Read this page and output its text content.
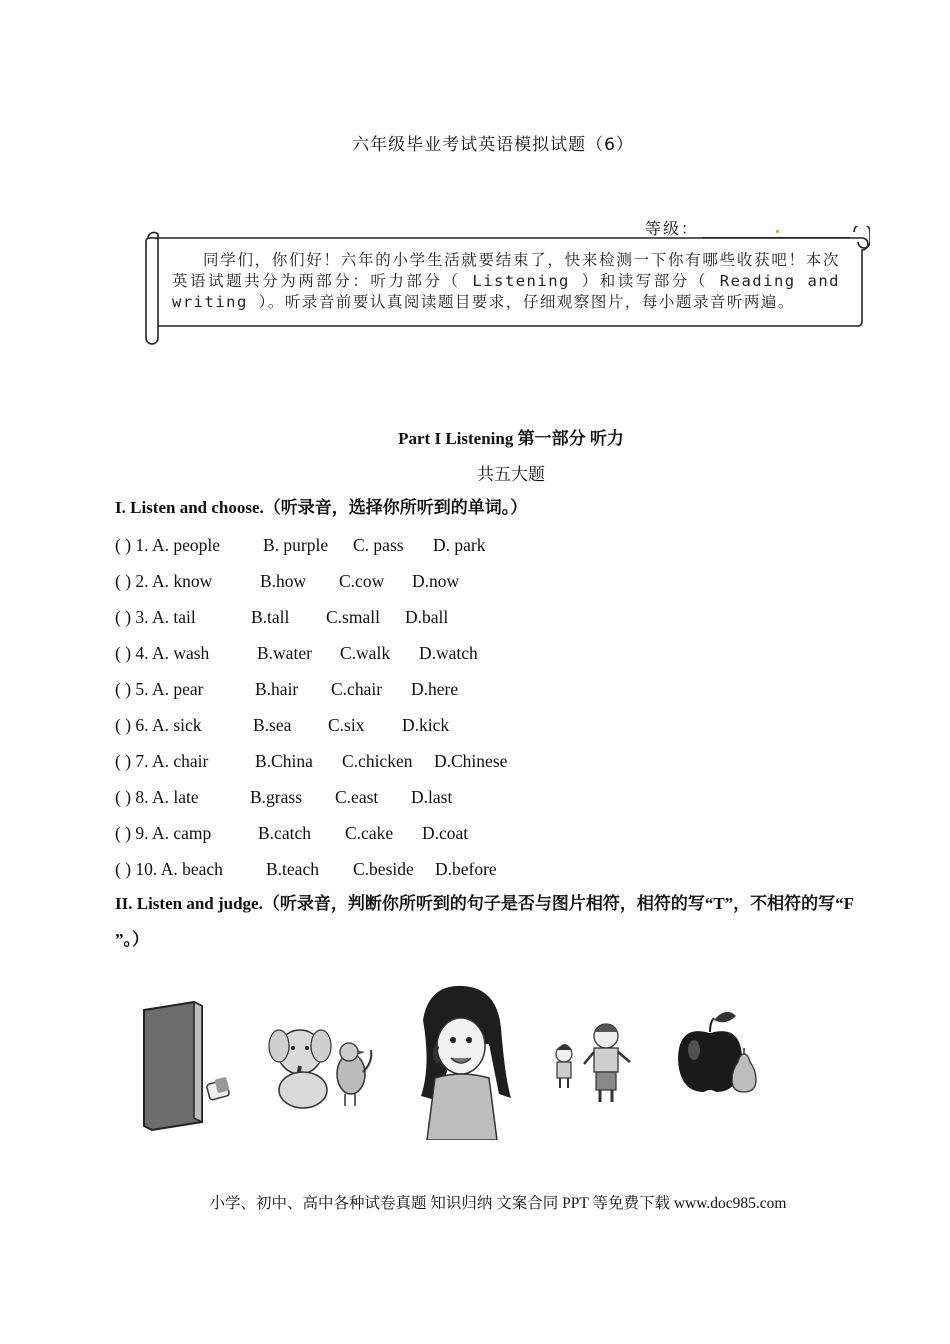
六年级毕业考试英语模拟试题（6）
等级：
同学们，你们好！六年的小学生活就要结束了，快来检测一下你有哪些收获吧！本次英语试题共分为两部分：听力部分（ Listening ）和读写部分（ Reading and writing ）。听录音前要认真阅读题目要求，仔细观察图片，每小题录音听两遍。
Part I Listening 第一部分 听力
共五大题
I. Listen and choose.（听录音，选择你所听到的单词。）
( ) 1. A. people B. purple C. pass D. park
( ) 2. A. know	B.how C.cow D.now
( ) 3. A. tail	B.tall C.small D.ball
( ) 4. A. wash	B.water C.walk D.watch
( ) 5. A. pear	B.hair C.chair D.here
( ) 6. A. sick	B.sea C.six D.kick
( ) 7. A. chair	B.China C.chicken D.Chinese
( ) 8. A. late	B.grass C.east D.last
( ) 9. A. camp	B.catch C.cake D.coat
( ) 10. A. beach B.teach C.beside D.before
II. Listen and judge.（听录音，判断你所听到的句子是否与图片相符，相符的写“T”，不相符的写“F ”。）
小学、初中、高中各种试卷真题 知识归纳 文案合同 PPT 等免费下载 www.doc985.com
